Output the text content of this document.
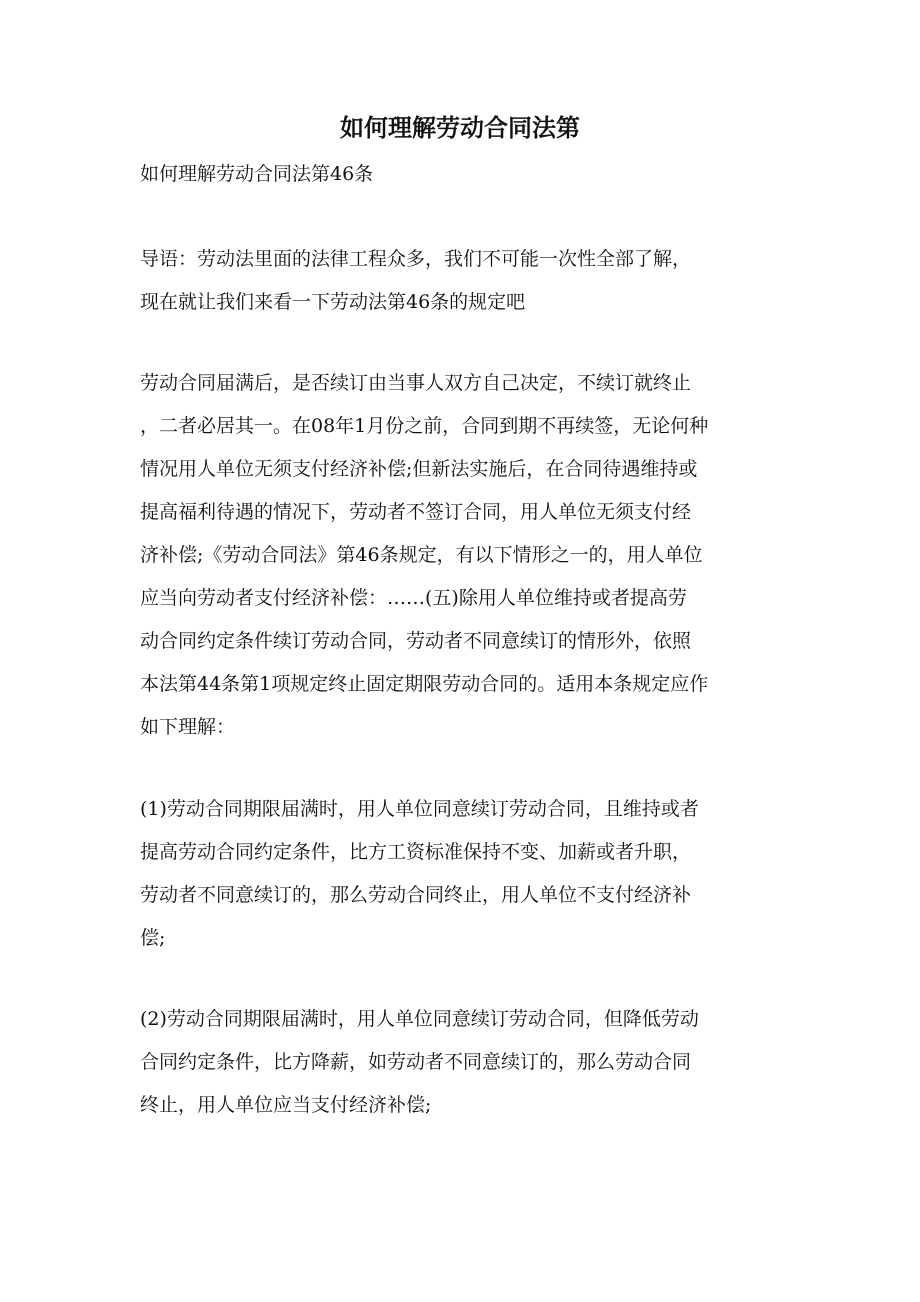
如何理解劳动合同法第

如何理解劳动合同法第46条

导语：劳动法里面的法律工程众多，我们不可能一次性全部了解，
现在就让我们来看一下劳动法第46条的规定吧
劳动合同届满后，是否续订由当事人双方自己决定，不续订就终止
，二者必居其一。在08年1月份之前，合同到期不再续签，无论何种
情况用人单位无须支付经济补偿;但新法实施后，在合同待遇维持或
提高福利待遇的情况下，劳动者不签订合同，用人单位无须支付经
济补偿;《劳动合同法》第46条规定，有以下情形之一的，用人单位
应当向劳动者支付经济补偿：……(五)除用人单位维持或者提高劳
动合同约定条件续订劳动合同，劳动者不同意续订的情形外，依照
本法第44条第1项规定终止固定期限劳动合同的。适用本条规定应作
如下理解：
(1)劳动合同期限届满时，用人单位同意续订劳动合同，且维持或者
提高劳动合同约定条件，比方工资标准保持不变、加薪或者升职，
劳动者不同意续订的，那么劳动合同终止，用人单位不支付经济补
偿;
(2)劳动合同期限届满时，用人单位同意续订劳动合同，但降低劳动
合同约定条件，比方降薪，如劳动者不同意续订的，那么劳动合同
终止，用人单位应当支付经济补偿;
